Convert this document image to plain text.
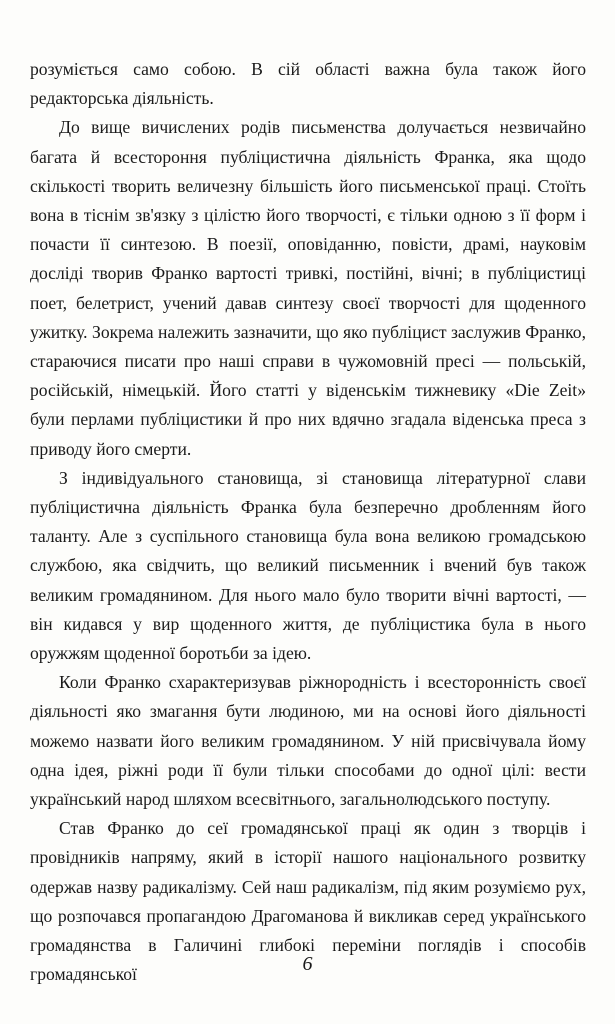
розуміється само собою. В сій області важна була також його редакторська діяльність.

До вище вичислених родів письменства долучається незвичайно багата й всестороння публіцистична діяльність Франка, яка щодо скількості творить величезну більшість його письменської праці. Стоїть вона в тіснім зв'язку з цілістю його творчості, є тільки одною з її форм і почасти її синтезою. В поезії, оповіданню, повісти, драмі, науковім досліді творив Франко вартості тривкі, постійні, вічні; в публіцистиці поет, белетрист, учений давав синтезу своєї творчості для щоденного ужитку. Зокрема належить зазначити, що яко публіцист заслужив Франко, стараючися писати про наші справи в чужомовній пресі — польській, російській, німецькій. Його статті у віденськім тижневику «Die Zeit» були перлами публіцистики й про них вдячно згадала віденська преса з приводу його смерти.

З індивідуального становища, зі становища літературної слави публіцистична діяльність Франка була безперечно дробленням його таланту. Але з суспільного становища була вона великою громадською службою, яка свідчить, що великий письменник і вчений був також великим громадянином. Для нього мало було творити вічні вартості, — він кидався у вир щоденного життя, де публіцистика була в нього оружжям щоденної боротьби за ідею.

Коли Франко схарактеризував ріжнородність і всесторонність своєї діяльності яко змагання бути людиною, ми на основі його діяльності можемо назвати його великим громадянином. У ній присвічувала йому одна ідея, ріжні роди її були тільки способами до одної цілі: вести український народ шляхом всесвітнього, загальнолюдського поступу.

Став Франко до сеї громадянської праці як один з творців і провідників напряму, який в історії нашого національного розвитку одержав назву радикалізму. Сей наш радикалізм, під яким розуміємо рух, що розпочався пропагандою Драгоманова й викликав серед українського громадянства в Галичині глибокі переміни поглядів і способів громадянської	6
